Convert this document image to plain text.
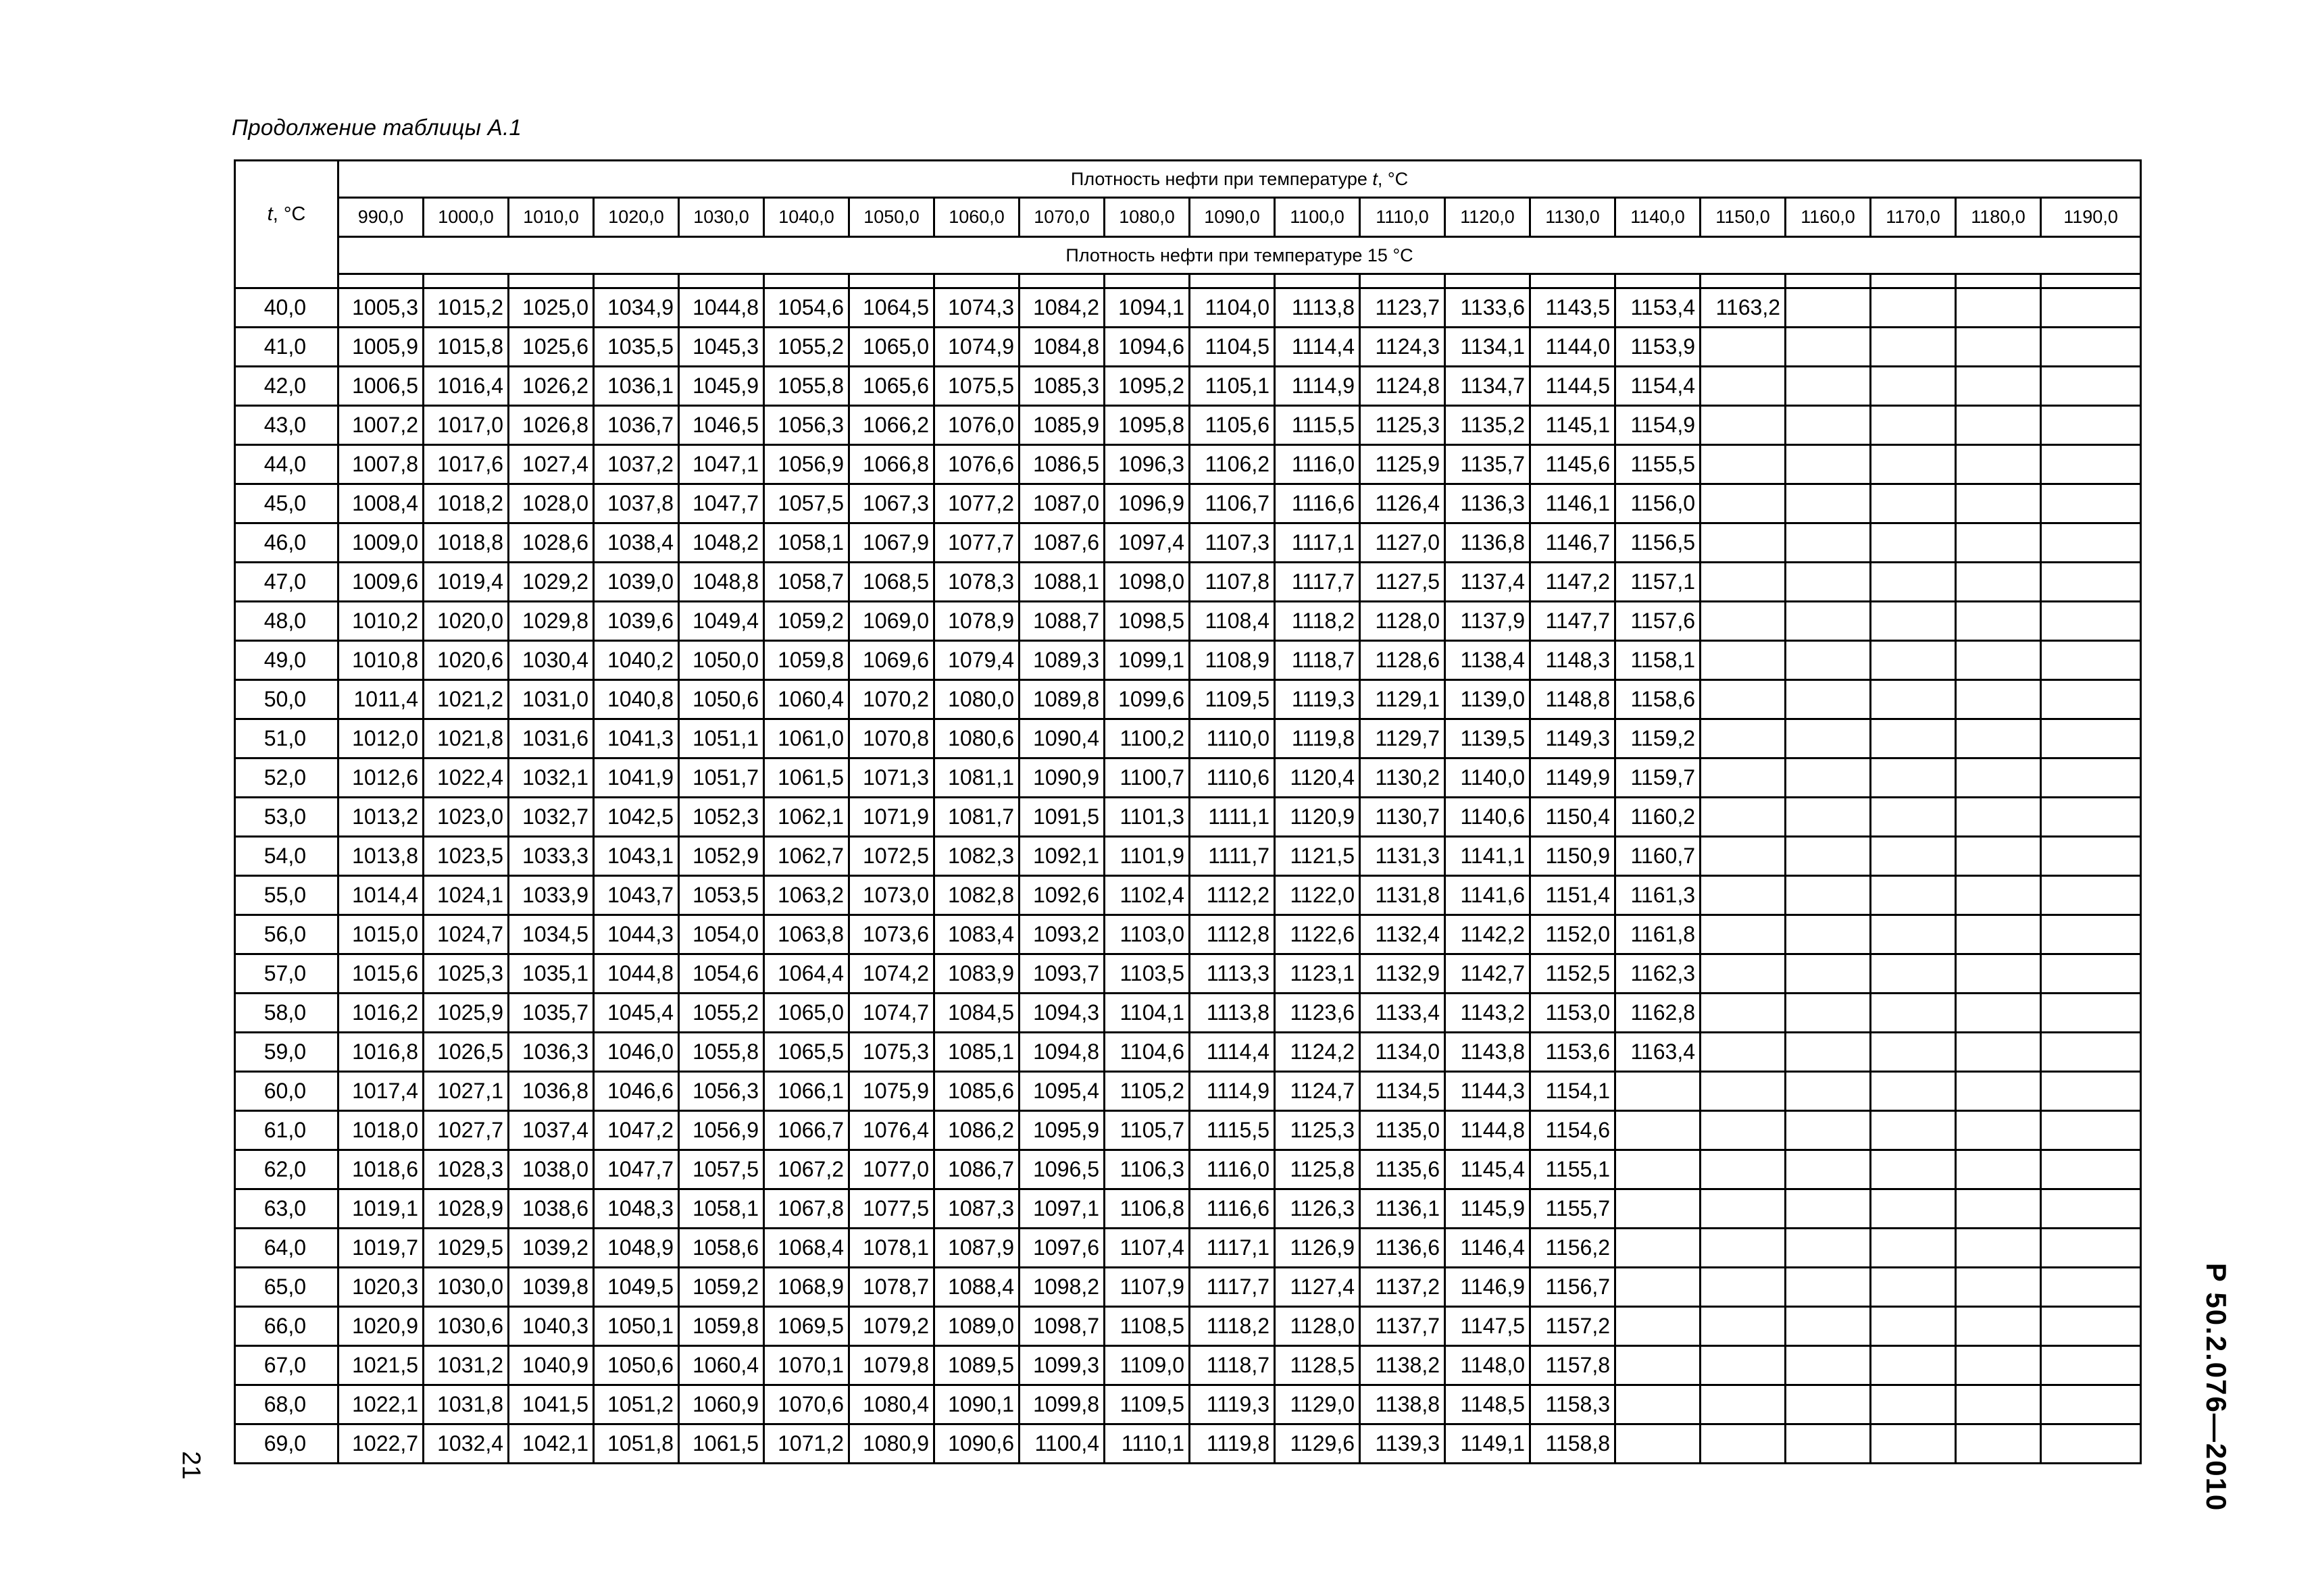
Продолжение таблицы А.1
t, °С	Плотность нефти при температуре t, °С																				
	990,0	1000,0	1010,0	1020,0	1030,0	1040,0	1050,0	1060,0	1070,0	1080,0	1090,0	1100,0	1110,0	1120,0	1130,0	1140,0	1150,0	1160,0	1170,0	1180,0	1190,0
	Плотность нефти при температуре 15 °С																				

40,0	1005,3	1015,2	1025,0	1034,9	1044,8	1054,6	1064,5	1074,3	1084,2	1094,1	1104,0	1113,8	1123,7	1133,6	1143,5	1153,4	1163,2				
41,0	1005,9	1015,8	1025,6	1035,5	1045,3	1055,2	1065,0	1074,9	1084,8	1094,6	1104,5	1114,4	1124,3	1134,1	1144,0	1153,9					
42,0	1006,5	1016,4	1026,2	1036,1	1045,9	1055,8	1065,6	1075,5	1085,3	1095,2	1105,1	1114,9	1124,8	1134,7	1144,5	1154,4					
43,0	1007,2	1017,0	1026,8	1036,7	1046,5	1056,3	1066,2	1076,0	1085,9	1095,8	1105,6	1115,5	1125,3	1135,2	1145,1	1154,9					
44,0	1007,8	1017,6	1027,4	1037,2	1047,1	1056,9	1066,8	1076,6	1086,5	1096,3	1106,2	1116,0	1125,9	1135,7	1145,6	1155,5					
45,0	1008,4	1018,2	1028,0	1037,8	1047,7	1057,5	1067,3	1077,2	1087,0	1096,9	1106,7	1116,6	1126,4	1136,3	1146,1	1156,0					
46,0	1009,0	1018,8	1028,6	1038,4	1048,2	1058,1	1067,9	1077,7	1087,6	1097,4	1107,3	1117,1	1127,0	1136,8	1146,7	1156,5					
47,0	1009,6	1019,4	1029,2	1039,0	1048,8	1058,7	1068,5	1078,3	1088,1	1098,0	1107,8	1117,7	1127,5	1137,4	1147,2	1157,1					
48,0	1010,2	1020,0	1029,8	1039,6	1049,4	1059,2	1069,0	1078,9	1088,7	1098,5	1108,4	1118,2	1128,0	1137,9	1147,7	1157,6					
49,0	1010,8	1020,6	1030,4	1040,2	1050,0	1059,8	1069,6	1079,4	1089,3	1099,1	1108,9	1118,7	1128,6	1138,4	1148,3	1158,1					
50,0	1011,4	1021,2	1031,0	1040,8	1050,6	1060,4	1070,2	1080,0	1089,8	1099,6	1109,5	1119,3	1129,1	1139,0	1148,8	1158,6					
51,0	1012,0	1021,8	1031,6	1041,3	1051,1	1061,0	1070,8	1080,6	1090,4	1100,2	1110,0	1119,8	1129,7	1139,5	1149,3	1159,2					
52,0	1012,6	1022,4	1032,1	1041,9	1051,7	1061,5	1071,3	1081,1	1090,9	1100,7	1110,6	1120,4	1130,2	1140,0	1149,9	1159,7					
53,0	1013,2	1023,0	1032,7	1042,5	1052,3	1062,1	1071,9	1081,7	1091,5	1101,3	1111,1	1120,9	1130,7	1140,6	1150,4	1160,2					
54,0	1013,8	1023,5	1033,3	1043,1	1052,9	1062,7	1072,5	1082,3	1092,1	1101,9	1111,7	1121,5	1131,3	1141,1	1150,9	1160,7					
55,0	1014,4	1024,1	1033,9	1043,7	1053,5	1063,2	1073,0	1082,8	1092,6	1102,4	1112,2	1122,0	1131,8	1141,6	1151,4	1161,3					
56,0	1015,0	1024,7	1034,5	1044,3	1054,0	1063,8	1073,6	1083,4	1093,2	1103,0	1112,8	1122,6	1132,4	1142,2	1152,0	1161,8					
57,0	1015,6	1025,3	1035,1	1044,8	1054,6	1064,4	1074,2	1083,9	1093,7	1103,5	1113,3	1123,1	1132,9	1142,7	1152,5	1162,3					
58,0	1016,2	1025,9	1035,7	1045,4	1055,2	1065,0	1074,7	1084,5	1094,3	1104,1	1113,8	1123,6	1133,4	1143,2	1153,0	1162,8					
59,0	1016,8	1026,5	1036,3	1046,0	1055,8	1065,5	1075,3	1085,1	1094,8	1104,6	1114,4	1124,2	1134,0	1143,8	1153,6	1163,4					
60,0	1017,4	1027,1	1036,8	1046,6	1056,3	1066,1	1075,9	1085,6	1095,4	1105,2	1114,9	1124,7	1134,5	1144,3	1154,1						
61,0	1018,0	1027,7	1037,4	1047,2	1056,9	1066,7	1076,4	1086,2	1095,9	1105,7	1115,5	1125,3	1135,0	1144,8	1154,6						
62,0	1018,6	1028,3	1038,0	1047,7	1057,5	1067,2	1077,0	1086,7	1096,5	1106,3	1116,0	1125,8	1135,6	1145,4	1155,1						
63,0	1019,1	1028,9	1038,6	1048,3	1058,1	1067,8	1077,5	1087,3	1097,1	1106,8	1116,6	1126,3	1136,1	1145,9	1155,7						
64,0	1019,7	1029,5	1039,2	1048,9	1058,6	1068,4	1078,1	1087,9	1097,6	1107,4	1117,1	1126,9	1136,6	1146,4	1156,2						
65,0	1020,3	1030,0	1039,8	1049,5	1059,2	1068,9	1078,7	1088,4	1098,2	1107,9	1117,7	1127,4	1137,2	1146,9	1156,7						
66,0	1020,9	1030,6	1040,3	1050,1	1059,8	1069,5	1079,2	1089,0	1098,7	1108,5	1118,2	1128,0	1137,7	1147,5	1157,2						
67,0	1021,5	1031,2	1040,9	1050,6	1060,4	1070,1	1079,8	1089,5	1099,3	1109,0	1118,7	1128,5	1138,2	1148,0	1157,8						
68,0	1022,1	1031,8	1041,5	1051,2	1060,9	1070,6	1080,4	1090,1	1099,8	1109,5	1119,3	1129,0	1138,8	1148,5	1158,3						
69,0	1022,7	1032,4	1042,1	1051,8	1061,5	1071,2	1080,9	1090,6	1100,4	1110,1	1119,8	1129,6	1139,3	1149,1	1158,8						
21	Р 50.2.076—2010
